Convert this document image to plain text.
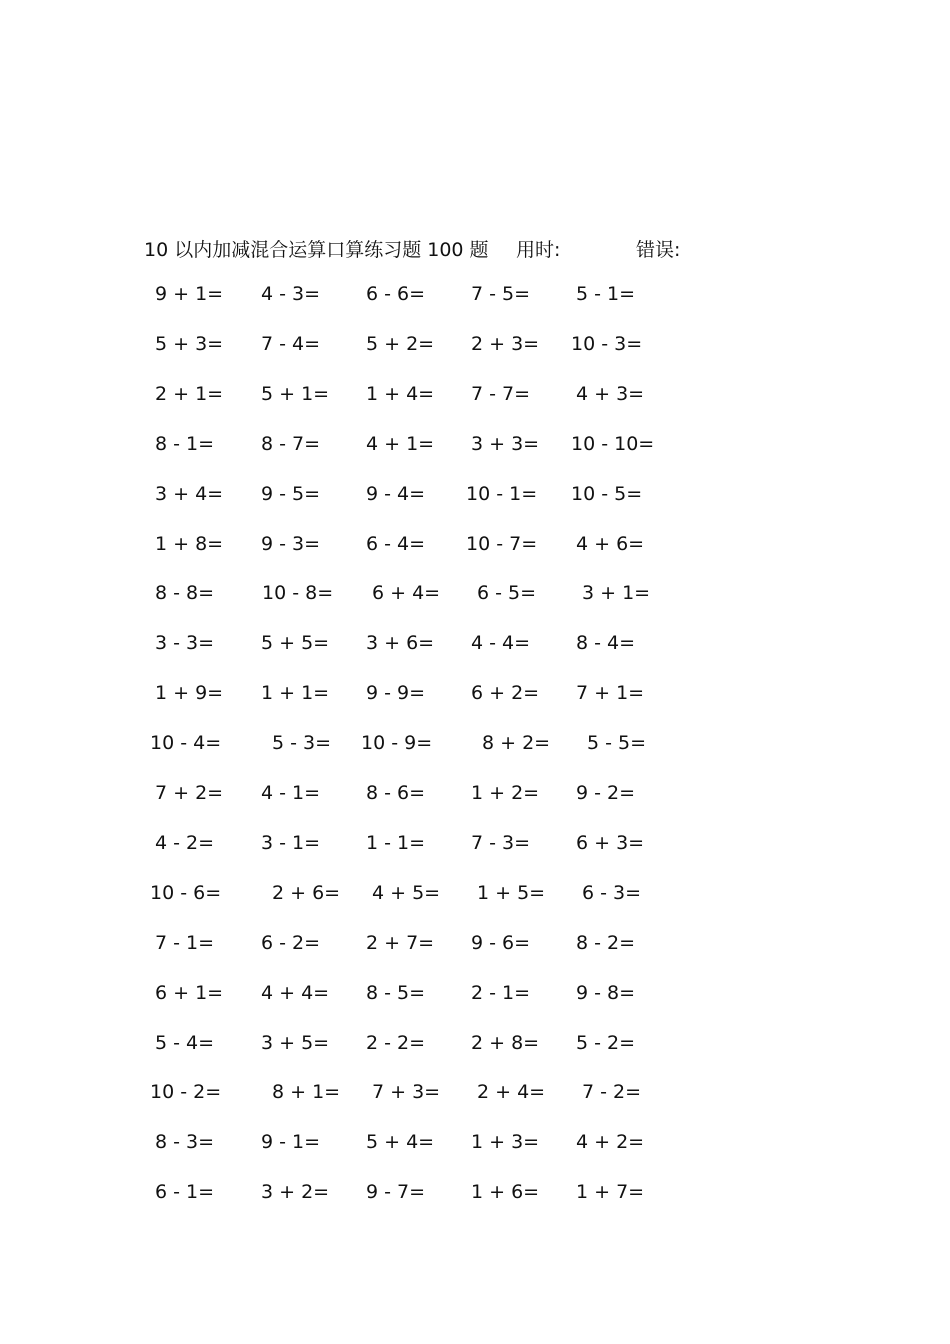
10 以内加减混合运算口算练习题 100 题 用时:	错误:
9 + 1= 4 - 3= 6 - 6= 7 - 5= 5 - 1=
5 + 3= 7 - 4= 5 + 2= 2 + 3= 10 - 3=
2 + 1= 5 + 1= 1 + 4= 7 - 7= 4 + 3=
8 - 1= 8 - 7= 4 + 1= 3 + 3= 10 - 10=
3 + 4= 9 - 5= 9 - 4= 10 - 1= 10 - 5=
1 + 8= 9 - 3= 6 - 4= 10 - 7= 4 + 6=
8 - 8=	10 - 8= 6 + 4= 6 - 5= 3 + 1=
3 - 3= 5 + 5= 3 + 6= 4 - 4= 8 - 4=
1 + 9= 1 + 1= 9 - 9= 6 + 2= 7 + 1=
10 - 4=	5 - 3= 10 - 9=	8 + 2= 5 - 5=
7 + 2= 4 - 1= 8 - 6= 1 + 2= 9 - 2=
4 - 2= 3 - 1= 1 - 1= 7 - 3= 6 + 3=
10 - 6=	2 + 6= 4 + 5= 1 + 5= 6 - 3=
7 - 1= 6 - 2= 2 + 7= 9 - 6= 8 - 2=
6 + 1= 4 + 4= 8 - 5= 2 - 1= 9 - 8=
5 - 4= 3 + 5= 2 - 2= 2 + 8= 5 - 2=
10 - 2=	8 + 1= 7 + 3= 2 + 4= 7 - 2=
8 - 3= 9 - 1= 5 + 4= 1 + 3= 4 + 2=
6 - 1= 3 + 2= 9 - 7= 1 + 6= 1 + 7=
